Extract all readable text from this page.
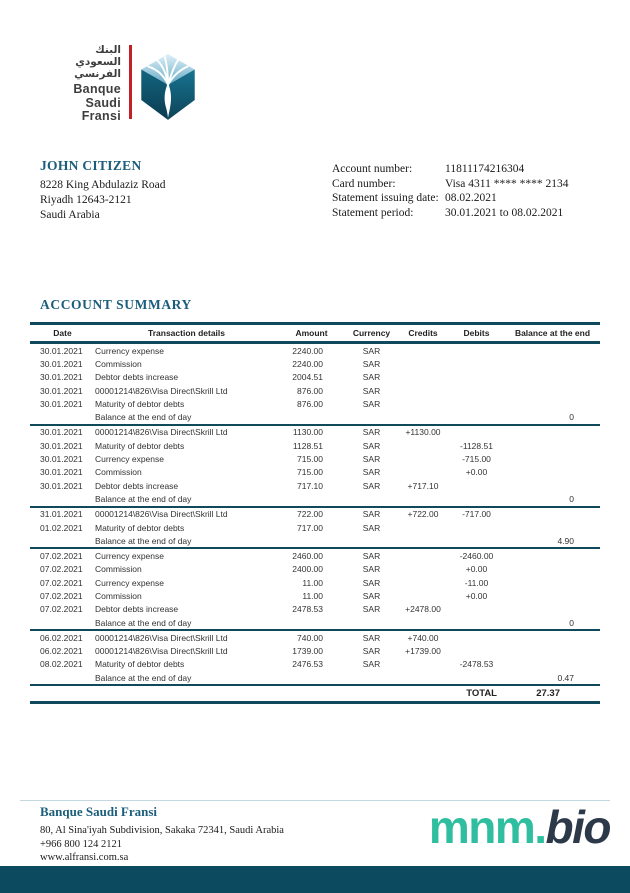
البنك
السعودي
الفرنسي
Banque
Saudi
Fransi
JOHN CITIZEN
8228 King Abdulaziz Road
Riyadh 12643-2121
Saudi Arabia
Account number:	11811174216304
Card number:	Visa 4311 **** **** 2134
Statement issuing date: 08.02.2021
Statement period:	30.01.2021 to 08.02.2021
ACCOUNT SUMMARY
Date	Transaction details	Amount	Currency	Credits	Debits	Balance at the end
30.01.2021	Currency expense	2240.00	SAR			
30.01.2021	Commission	2240.00	SAR			
30.01.2021	Debtor debts increase	2004.51	SAR			
30.01.2021	00001214\826\Visa Direct\Skrill Ltd	876.00	SAR			
30.01.2021	Maturity of debtor debts	876.00	SAR			
	Balance at the end of day					0
30.01.2021	00001214\826\Visa Direct\Skrill Ltd	1130.00	SAR	+1130.00		
30.01.2021	Maturity of debtor debts	1128.51	SAR		-1128.51	
30.01.2021	Currency expense	715.00	SAR		-715.00	
30.01.2021	Commission	715.00	SAR		+0.00	
30.01.2021	Debtor debts increase	717.10	SAR	+717.10		
	Balance at the end of day					0
31.01.2021	00001214\826\Visa Direct\Skrill Ltd	722.00	SAR	+722.00	-717.00	
01.02.2021	Maturity of debtor debts	717.00	SAR			
	Balance at the end of day					4.90
07.02.2021	Currency expense	2460.00	SAR		-2460.00	
07.02.2021	Commission	2400.00	SAR		+0.00	
07.02.2021	Currency expense	11.00	SAR		-11.00	
07.02.2021	Commission	11.00	SAR		+0.00	
07.02.2021	Debtor debts increase	2478.53	SAR	+2478.00		
	Balance at the end of day					0
06.02.2021	00001214\826\Visa Direct\Skrill Ltd	740.00	SAR	+740.00		
06.02.2021	00001214\826\Visa Direct\Skrill Ltd	1739.00	SAR	+1739.00		
08.02.2021	Maturity of debtor debts	2476.53	SAR		-2478.53	
	Balance at the end of day					0.47
TOTAL						27.37
Banque Saudi Fransi
80, Al Sina'iyah Subdivision, Sakaka 72341, Saudi Arabia
+966 800 124 2121
www.alfransi.com.sa
mnm.bio
